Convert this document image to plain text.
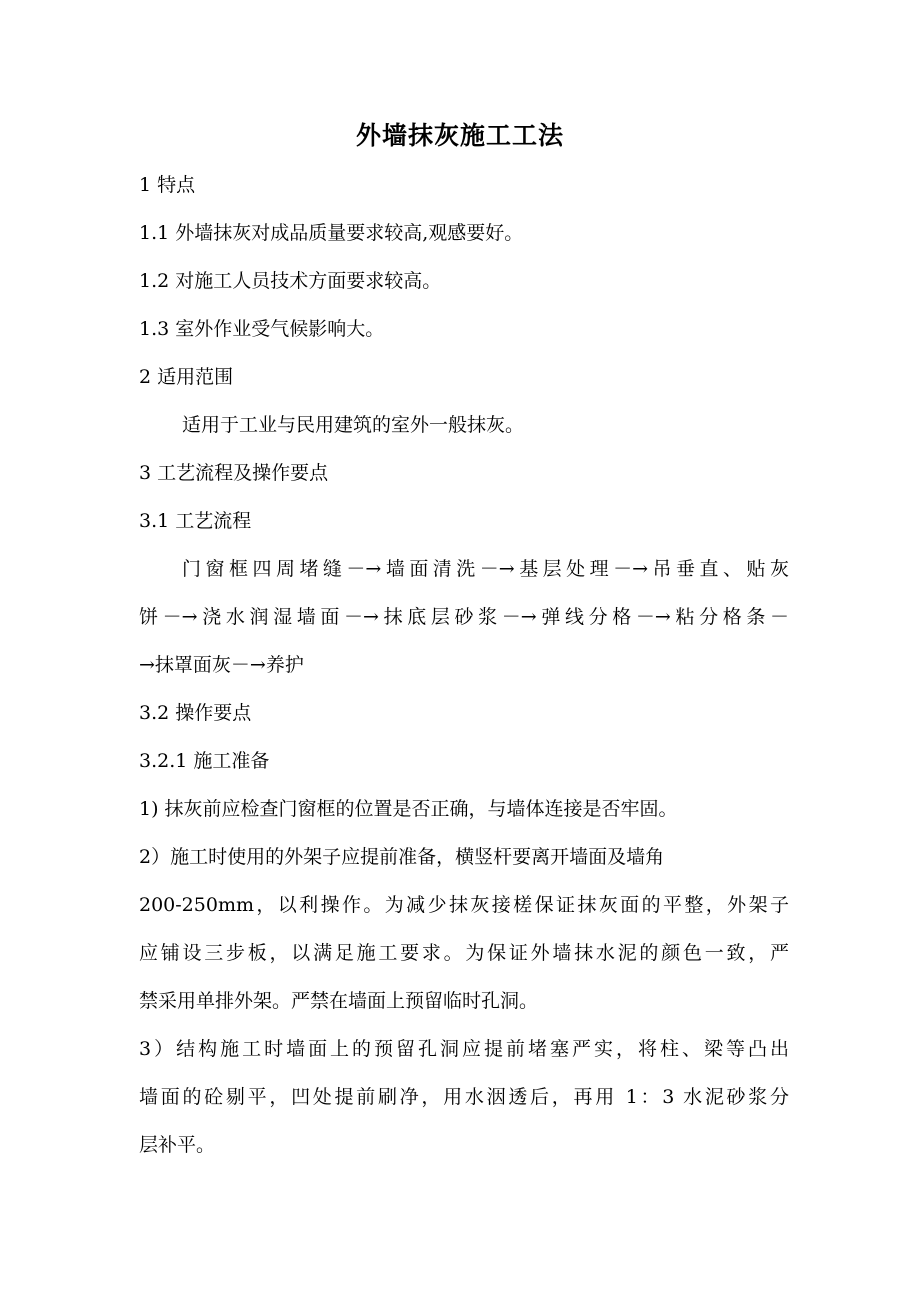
外墙抹灰施工工法
1 特点
1.1 外墙抹灰对成品质量要求较高,观感要好。
1.2 对施工人员技术方面要求较高。
1.3 室外作业受气候影响大。
2 适用范围
适用于工业与民用建筑的室外一般抹灰。
3 工艺流程及操作要点
3.1 工艺流程
门窗框四周堵缝－→墙面清洗－→基层处理－→吊垂直、贴灰
饼－→浇水润湿墙面－→抹底层砂浆－→弹线分格－→粘分格条－
→抹罩面灰－→养护
3.2 操作要点
3.2.1 施工准备
1) 抹灰前应检查门窗框的位置是否正确，与墙体连接是否牢固。
2）施工时使用的外架子应提前准备，横竖杆要离开墙面及墙角
200-250mm，以利操作。为减少抹灰接槎保证抹灰面的平整，外架子
应铺设三步板，以满足施工要求。为保证外墙抹水泥的颜色一致，严
禁采用单排外架。严禁在墙面上预留临时孔洞。
3）结构施工时墙面上的预留孔洞应提前堵塞严实，将柱、梁等凸出
墙面的砼剔平，凹处提前刷净，用水洇透后，再用 1：3 水泥砂浆分
层补平。
